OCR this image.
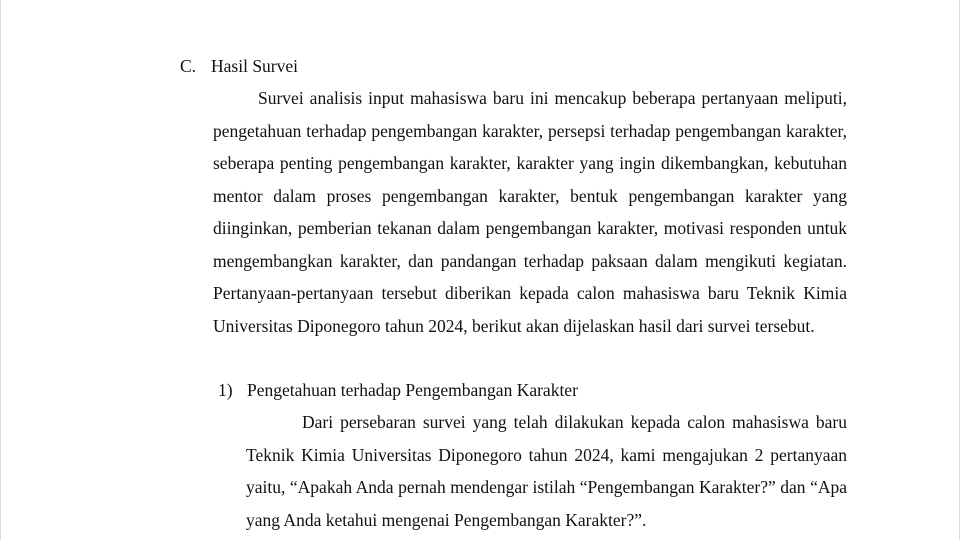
C. Hasil Survei

Survei analisis input mahasiswa baru ini mencakup beberapa pertanyaan meliputi, pengetahuan terhadap pengembangan karakter, persepsi terhadap pengembangan karakter, seberapa penting pengembangan karakter, karakter yang ingin dikembangkan, kebutuhan mentor dalam proses pengembangan karakter, bentuk pengembangan karakter yang diinginkan, pemberian tekanan dalam pengembangan karakter, motivasi responden untuk mengembangkan karakter, dan pandangan terhadap paksaan dalam mengikuti kegiatan. Pertanyaan-pertanyaan tersebut diberikan kepada calon mahasiswa baru Teknik Kimia Universitas Diponegoro tahun 2024, berikut akan dijelaskan hasil dari survei tersebut.

1) Pengetahuan terhadap Pengembangan Karakter

Dari persebaran survei yang telah dilakukan kepada calon mahasiswa baru Teknik Kimia Universitas Diponegoro tahun 2024, kami mengajukan 2 pertanyaan yaitu, “Apakah Anda pernah mendengar istilah “Pengembangan Karakter?” dan “Apa yang Anda ketahui mengenai Pengembangan Karakter?”.
